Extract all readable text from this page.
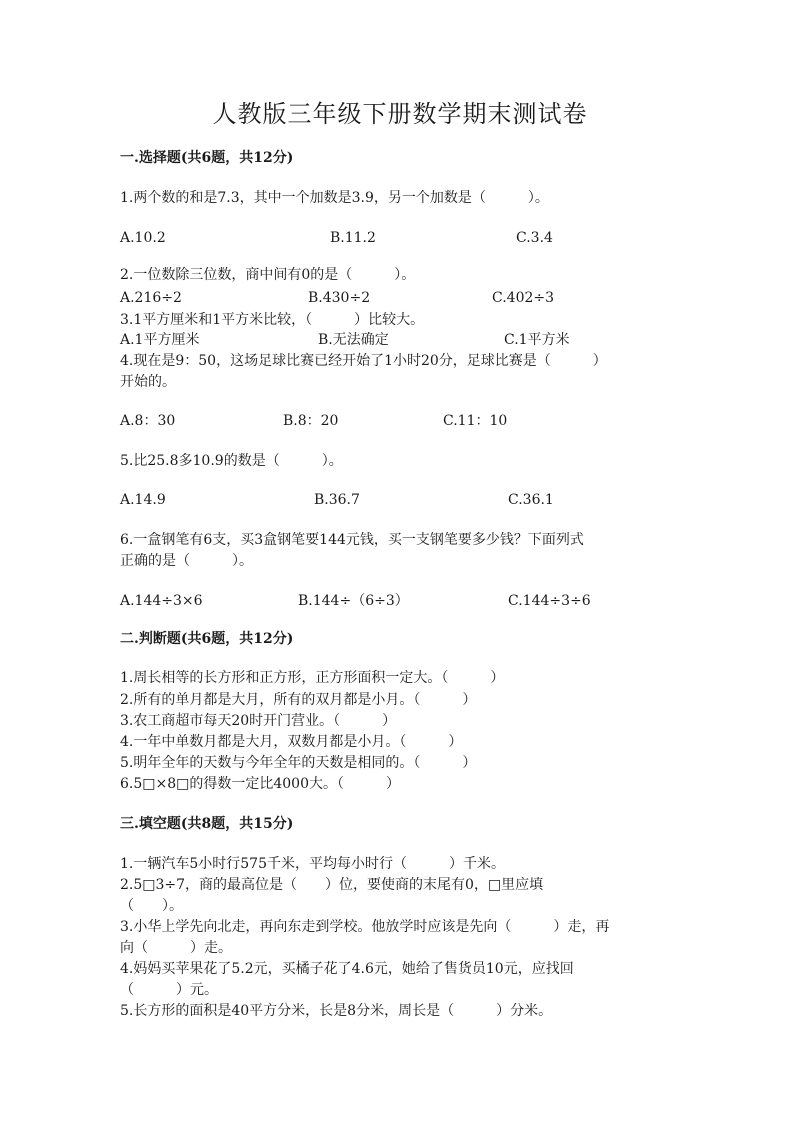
人教版三年级下册数学期末测试卷
一.选择题(共6题，共12分)
1.两个数的和是7.3，其中一个加数是3.9，另一个加数是（　　　）。
A.10.2	B.11.2	C.3.4
2.一位数除三位数，商中间有0的是（　　　）。
A.216÷2	B.430÷2	C.402÷3
3.1平方厘米和1平方米比较，（　　　）比较大。
A.1平方厘米	B.无法确定	C.1平方米
4.现在是9：50，这场足球比赛已经开始了1小时20分，足球比赛是（　　　）
开始的。
A.8：30	B.8：20	C.11：10
5.比25.8多10.9的数是（　　　）。
A.14.9	B.36.7	C.36.1
6.一盒钢笔有6支，买3盒钢笔要144元钱，买一支钢笔要多少钱？下面列式
正确的是（　　　）。
A.144÷3×6	B.144÷（6÷3）	C.144÷3÷6
二.判断题(共6题，共12分)
1.周长相等的长方形和正方形，正方形面积一定大。（　　　）
2.所有的单月都是大月，所有的双月都是小月。（　　　）
3.农工商超市每天20时开门营业。（　　　）
4.一年中单数月都是大月，双数月都是小月。（　　　）
5.明年全年的天数与今年全年的天数是相同的。（　　　）
6.5□×8□的得数一定比4000大。（　　　）
三.填空题(共8题，共15分)
1.一辆汽车5小时行575千米，平均每小时行（　　　）千米。
2.5□3÷7，商的最高位是（　　）位，要使商的末尾有0，□里应填
（　　）。
3.小华上学先向北走，再向东走到学校。他放学时应该是先向（　　　）走，再
向（　　　）走。
4.妈妈买苹果花了5.2元，买橘子花了4.6元，她给了售货员10元，应找回
（　　　）元。
5.长方形的面积是40平方分米，长是8分米，周长是（　　　）分米。
